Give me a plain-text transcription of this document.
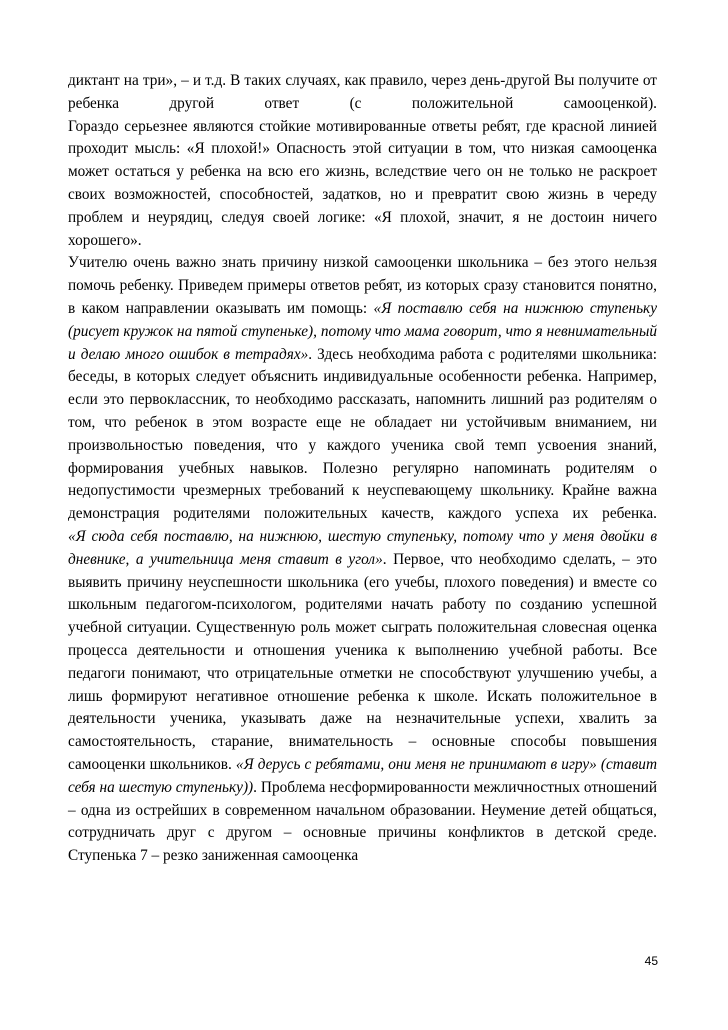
диктант на три», – и т.д. В таких случаях, как правило, через день-другой Вы получите от ребенка другой ответ (с положительной самооценкой).

Гораздо серьезнее являются стойкие мотивированные ответы ребят, где красной линией проходит мысль: «Я плохой!» Опасность этой ситуации в том, что низкая самооценка может остаться у ребенка на всю его жизнь, вследствие чего он не только не раскроет своих возможностей, способностей, задатков, но и превратит свою жизнь в череду проблем и неурядиц, следуя своей логике: «Я плохой, значит, я не достоин ничего хорошего».

Учителю очень важно знать причину низкой самооценки школьника – без этого нельзя помочь ребенку. Приведем примеры ответов ребят, из которых сразу становится понятно, в каком направлении оказывать им помощь: «Я поставлю себя на нижнюю ступеньку (рисует кружок на пятой ступеньке), потому что мама говорит, что я невнимательный и делаю много ошибок в тетрадях». Здесь необходима работа с родителями школьника: беседы, в которых следует объяснить индивидуальные особенности ребенка. Например, если это первоклассник, то необходимо рассказать, напомнить лишний раз родителям о том, что ребенок в этом возрасте еще не обладает ни устойчивым вниманием, ни произвольностью поведения, что у каждого ученика свой темп усвоения знаний, формирования учебных навыков. Полезно регулярно напоминать родителям о недопустимости чрезмерных требований к неуспевающему школьнику. Крайне важна демонстрация родителями положительных качеств, каждого успеха их ребенка.

«Я сюда себя поставлю, на нижнюю, шестую ступеньку, потому что у меня двойки в дневнике, а учительница меня ставит в угол». Первое, что необходимо сделать, – это выявить причину неуспешности школьника (его учебы, плохого поведения) и вместе со школьным педагогом-психологом, родителями начать работу по созданию успешной учебной ситуации. Существенную роль может сыграть положительная словесная оценка процесса деятельности и отношения ученика к выполнению учебной работы. Все педагоги понимают, что отрицательные отметки не способствуют улучшению учебы, а лишь формируют негативное отношение ребенка к школе. Искать положительное в деятельности ученика, указывать даже на незначительные успехи, хвалить за самостоятельность, старание, внимательность – основные способы повышения самооценки школьников. «Я дерусь с ребятами, они меня не принимают в игру» (ставит себя на шестую ступеньку)). Проблема несформированности межличностных отношений – одна из острейших в современном начальном образовании. Неумение детей общаться, сотрудничать друг с другом – основные причины конфликтов в детской среде.

Ступенька 7 – резко заниженная самооценка

45
